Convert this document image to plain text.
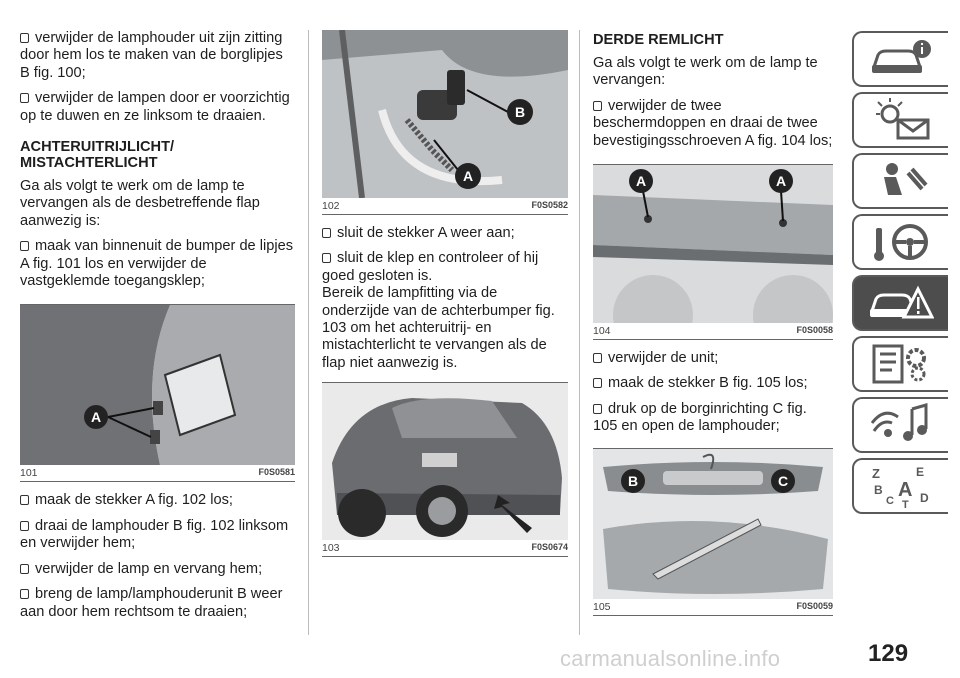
verwijder de lamphouder uit zijn zitting door hem los te maken van de borglipjes B fig. 100;

verwijder de lampen door er voorzichtig op te duwen en ze linksom te draaien.

ACHTERUITRIJLICHT/ MISTACHTERLICHT

Ga als volgt te werk om de lamp te vervangen als de desbetreffende flap aanwezig is:

maak van binnenuit de bumper de lipjes A fig. 101 los en verwijder de vastgeklemde toegangsklep;

A
101	F0S0581

maak de stekker A fig. 102 los;

draai de lamphouder B fig. 102 linksom en verwijder hem;

verwijder de lamp en vervang hem;

breng de lamp/lamphouderunit B weer aan door hem rechtsom te draaien;

B
A
102	F0S0582

sluit de stekker A weer aan;

sluit de klep en controleer of hij goed gesloten is.

Bereik de lampfitting via de onderzijde van de achterbumper fig. 103 om het achteruitrij- en mistachterlicht te vervangen als de flap niet aanwezig is.

103	F0S0674
DERDE REMLICHT

Ga als volgt te werk om de lamp te vervangen:

verwijder de twee beschermdoppen en draai de twee bevestigingsschroeven A fig. 104 los;

A	A
104	F0S0058

verwijder de unit;

maak de stekker B fig. 105 los;

druk op de borginrichting C fig. 105 en open de lamphouder;

B	C
105	F0S0059
Z	E
B A
C D
T
129
carmanualsonline.info
